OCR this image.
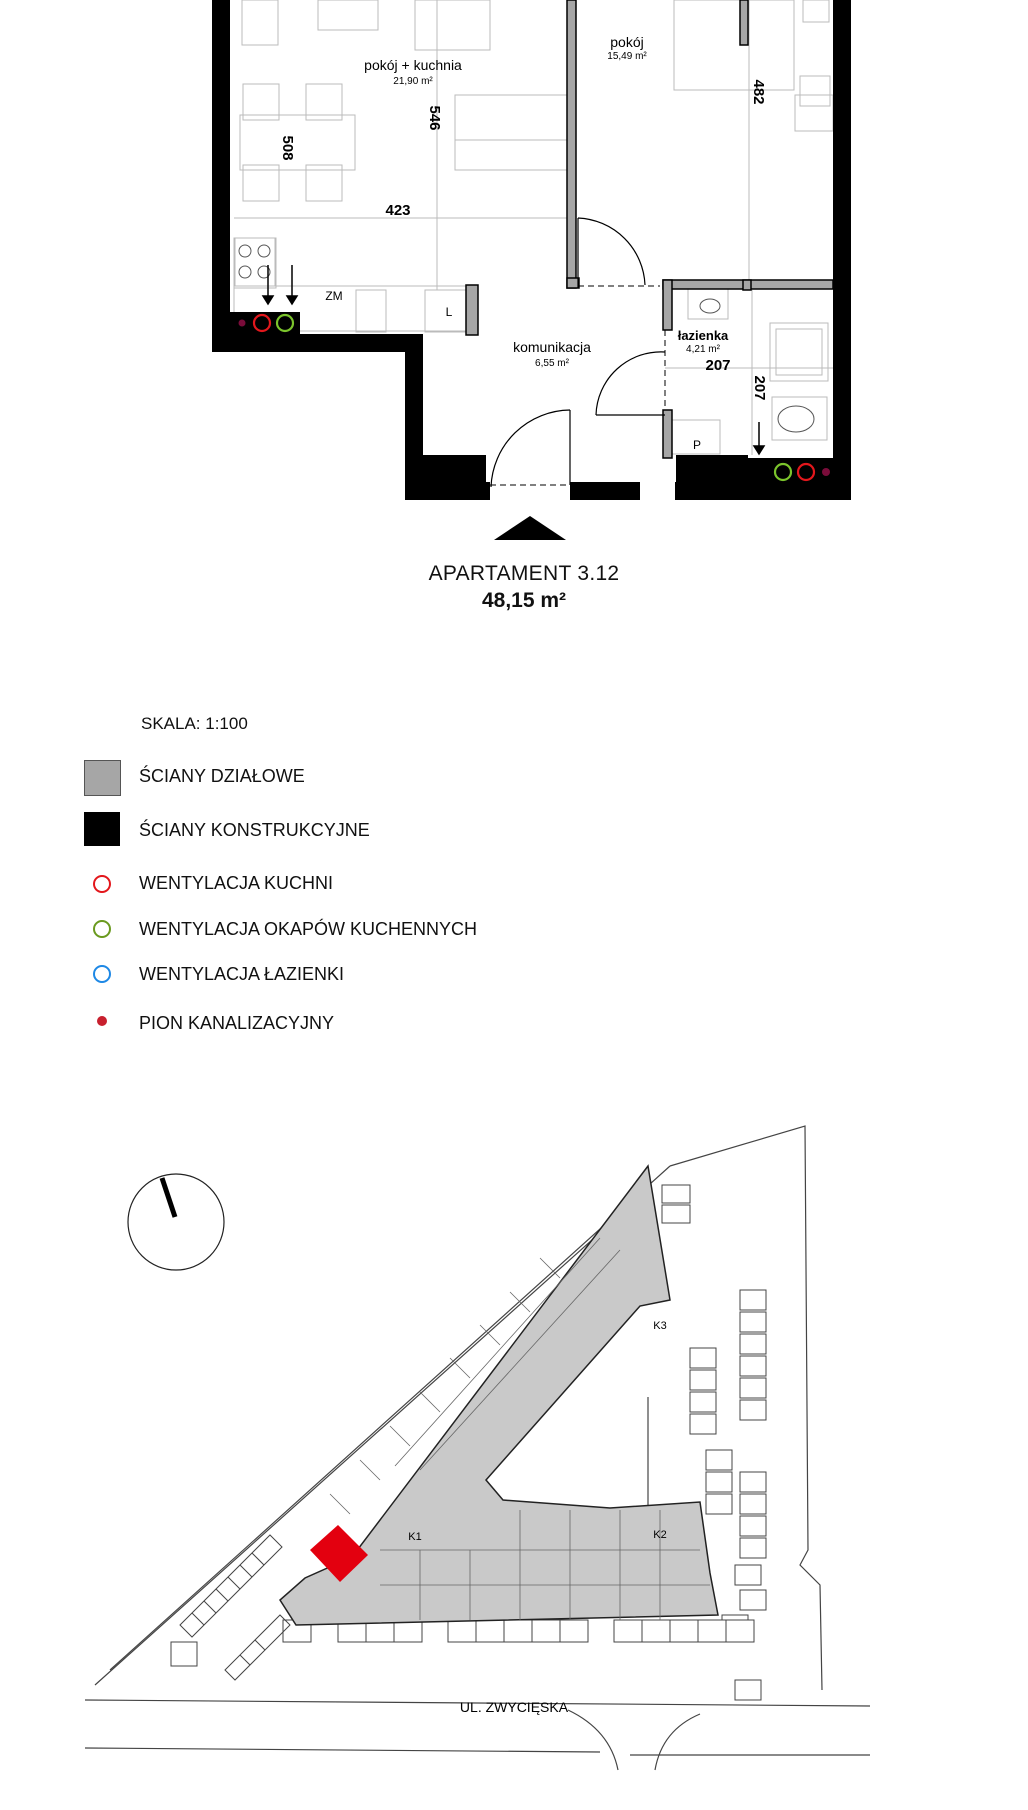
pokój + kuchnia
21,90 m²
pokój
15,49 m²
komunikacja
6,55 m²
łazienka
4,21 m²
546
508
423
482
207
207
ZM
L
P
APARTAMENT 3.12
48,15 m²
SKALA: 1:100
ŚCIANY DZIAŁOWE
ŚCIANY KONSTRUKCYJNE
WENTYLACJA KUCHNI
WENTYLACJA OKAPÓW KUCHENNYCH
WENTYLACJA ŁAZIENKI
PION KANALIZACYJNY
K1	K2
K3
UL. ZWYCIĘSKA
